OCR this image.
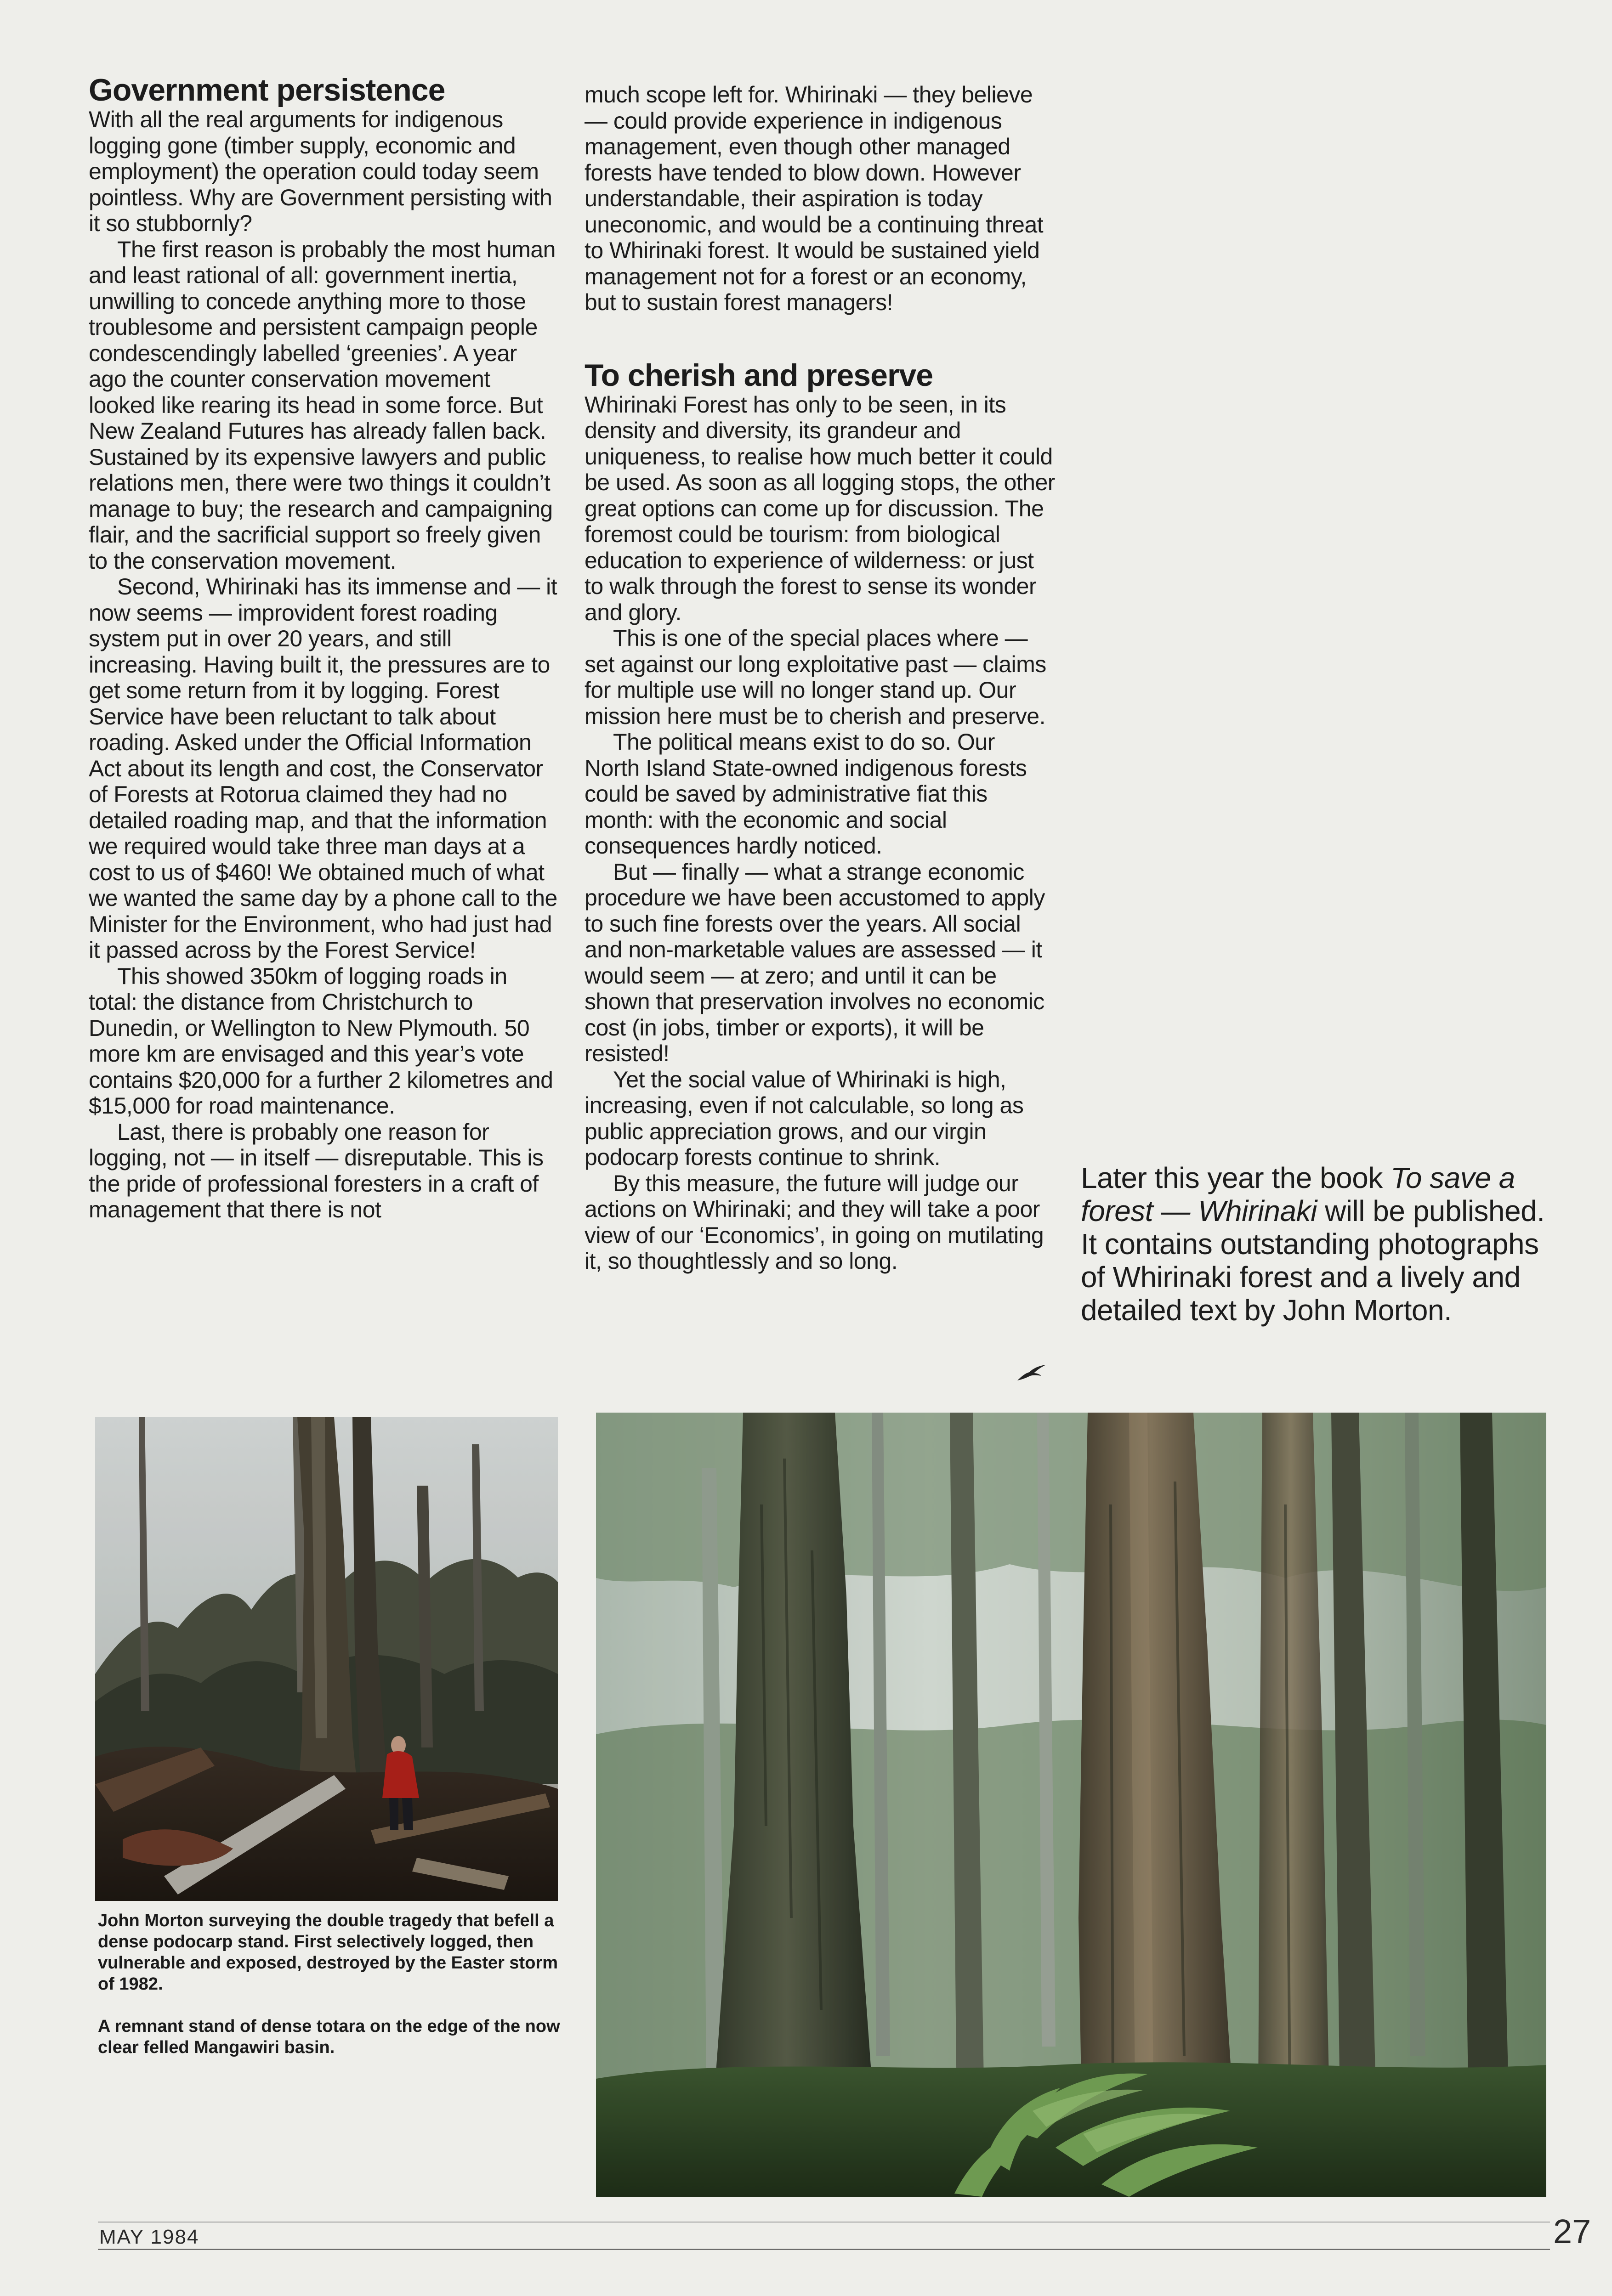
Government persistence

With all the real arguments for indigenous logging gone (timber supply, economic and employment) the operation could today seem pointless. Why are Government persisting with it so stubbornly?

The first reason is probably the most human and least rational of all: government inertia, unwilling to concede anything more to those troublesome and persistent campaign people condescendingly labelled ‘greenies’. A year ago the counter conservation movement looked like rearing its head in some force. But New Zealand Futures has already fallen back. Sustained by its expensive lawyers and public relations men, there were two things it couldn’t manage to buy; the research and campaigning flair, and the sacrificial support so freely given to the conservation movement.

Second, Whirinaki has its immense and — it now seems — improvident forest roading system put in over 20 years, and still increasing. Having built it, the pressures are to get some return from it by logging. Forest Service have been reluctant to talk about roading. Asked under the Official Information Act about its length and cost, the Conservator of Forests at Rotorua claimed they had no detailed roading map, and that the information we required would take three man days at a cost to us of $460! We obtained much of what we wanted the same day by a phone call to the Minister for the Environment, who had just had it passed across by the Forest Service!

This showed 350km of logging roads in total: the distance from Christchurch to Dunedin, or Wellington to New Plymouth. 50 more km are envisaged and this year’s vote contains $20,000 for a further 2 kilometres and $15,000 for road maintenance.

Last, there is probably one reason for logging, not — in itself — disreputable. This is the pride of professional foresters in a craft of management that there is not

much scope left for. Whirinaki — they believe — could provide experience in indigenous management, even though other managed forests have tended to blow down. However understandable, their aspiration is today uneconomic, and would be a continuing threat to Whirinaki forest. It would be sustained yield management not for a forest or an economy, but to sustain forest managers!

To cherish and preserve

Whirinaki Forest has only to be seen, in its density and diversity, its grandeur and uniqueness, to realise how much better it could be used. As soon as all logging stops, the other great options can come up for discussion. The foremost could be tourism: from biological education to experience of wilderness: or just to walk through the forest to sense its wonder and glory.

This is one of the special places where — set against our long exploitative past — claims for multiple use will no longer stand up. Our mission here must be to cherish and preserve.

The political means exist to do so. Our North Island State-owned indigenous forests could be saved by administrative fiat this month: with the economic and social consequences hardly noticed.

But — finally — what a strange economic procedure we have been accustomed to apply to such fine forests over the years. All social and non-marketable values are assessed — it would seem — at zero; and until it can be shown that preservation involves no economic cost (in jobs, timber or exports), it will be resisted!

Yet the social value of Whirinaki is high, increasing, even if not calculable, so long as public appreciation grows, and our virgin podocarp forests continue to shrink.

By this measure, the future will judge our actions on Whirinaki; and they will take a poor view of our ‘Economics’, in going on mutilating it, so thoughtlessly and so long.

Later this year the book To save a forest — Whirinaki will be published. It contains outstanding photographs of Whirinaki forest and a lively and detailed text by John Morton.

John Morton surveying the double tragedy that befell a dense podocarp stand. First selectively logged, then vulnerable and exposed, destroyed by the Easter storm of 1982.

A remnant stand of dense totara on the edge of the now clear felled Mangawiri basin.

MAY 1984	27
